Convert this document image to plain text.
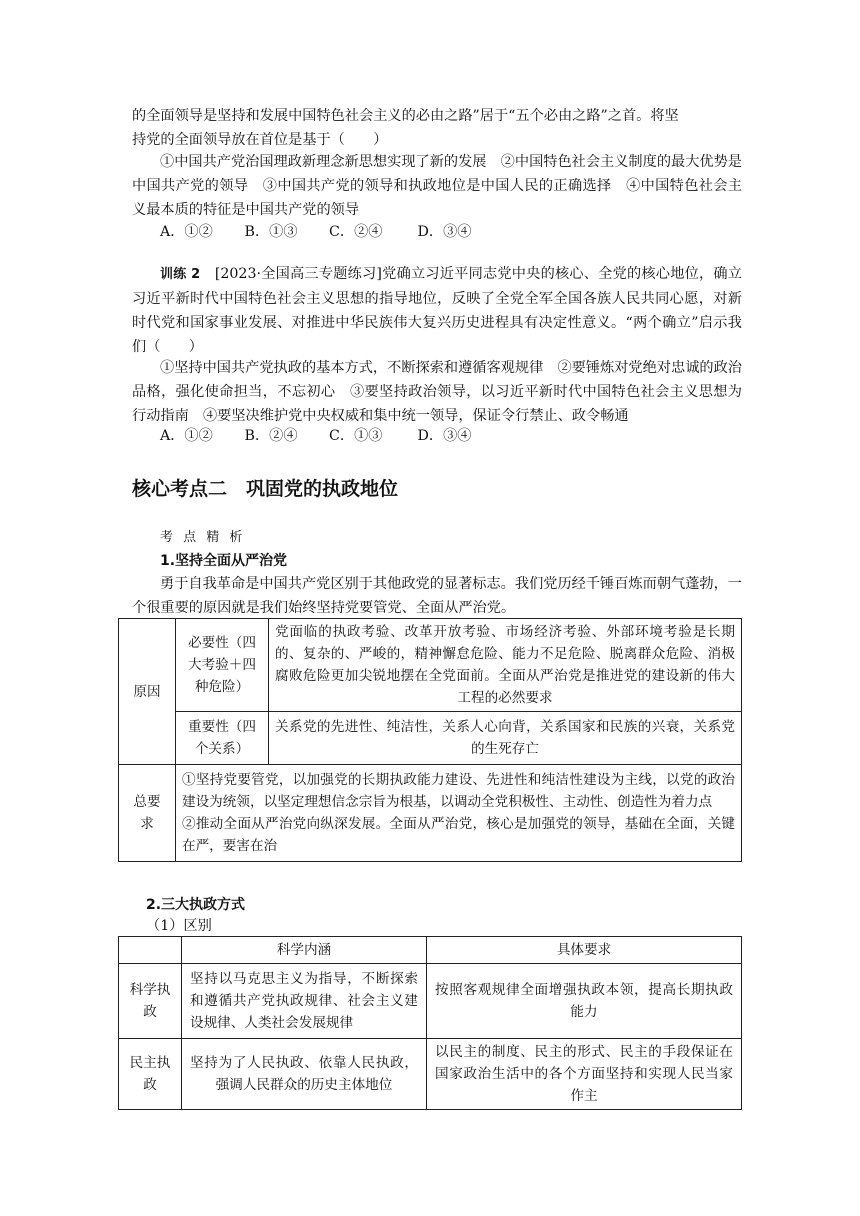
的全面领导是坚持和发展中国特色社会主义的必由之路”居于“五个必由之路”之首。将坚

持党的全面领导放在首位是基于（　　）

①中国共产党治国理政新理念新思想实现了新的发展　②中国特色社会主义制度的最大优势是中国共产党的领导　③中国共产党的领导和执政地位是中国人民的正确选择　④中国特色社会主义最本质的特征是中国共产党的领导

A．①② B．①③ C．②④ D．③④

训练 2　 [2023·全国高三专题练习]党确立习近平同志党中央的核心、全党的核心地位，确立习近平新时代中国特色社会主义思想的指导地位，反映了全党全军全国各族人民共同心愿，对新时代党和国家事业发展、对推进中华民族伟大复兴历史进程具有决定性意义。“两个确立”启示我们（　　）

①坚持中国共产党执政的基本方式，不断探索和遵循客观规律　②要锤炼对党绝对忠诚的政治品格，强化使命担当，不忘初心　③要坚持政治领导，以习近平新时代中国特色社会主义思想为行动指南　④要坚决维护党中央权威和集中统一领导，保证令行禁止、政令畅通

A．①② B．②④ C．①③ D．③④
核心考点二　巩固党的执政地位

考 点 精 析

1.坚持全面从严治党

勇于自我革命是中国共产党区别于其他政党的显著标志。我们党历经千锤百炼而朝气蓬勃，一个很重要的原因就是我们始终坚持党要管党、全面从严治党。

原因	必要性（四大考验＋四种危险）	党面临的执政考验、改革开放考验、市场经济考验、外部环境考验是长期的、复杂的、严峻的，精神懈怠危险、能力不足危险、脱离群众危险、消极腐败危险更加尖锐地摆在全党面前。全面从严治党是推进党的建设新的伟大工程的必然要求
	重要性（四个关系）	关系党的先进性、纯洁性，关系人心向背，关系国家和民族的兴衰，关系党的生死存亡
总要求	①坚持党要管党，以加强党的长期执政能力建设、先进性和纯洁性建设为主线，以党的政治建设为统领，以坚定理想信念宗旨为根基，以调动全党积极性、主动性、创造性为着力点
②推动全面从严治党向纵深发展。全面从严治党，核心是加强党的领导，基础在全面，关键在严，要害在治	

2.三大执政方式

（1）区别

	科学内涵	具体要求
科学执政	坚持以马克思主义为指导，不断探索和遵循共产党执政规律、社会主义建设规律、人类社会发展规律	按照客观规律全面增强执政本领，提高长期执政能力
民主执政	坚持为了人民执政、依靠人民执政，强调人民群众的历史主体地位	以民主的制度、民主的形式、民主的手段保证在国家政治生活中的各个方面坚持和实现人民当家作主
